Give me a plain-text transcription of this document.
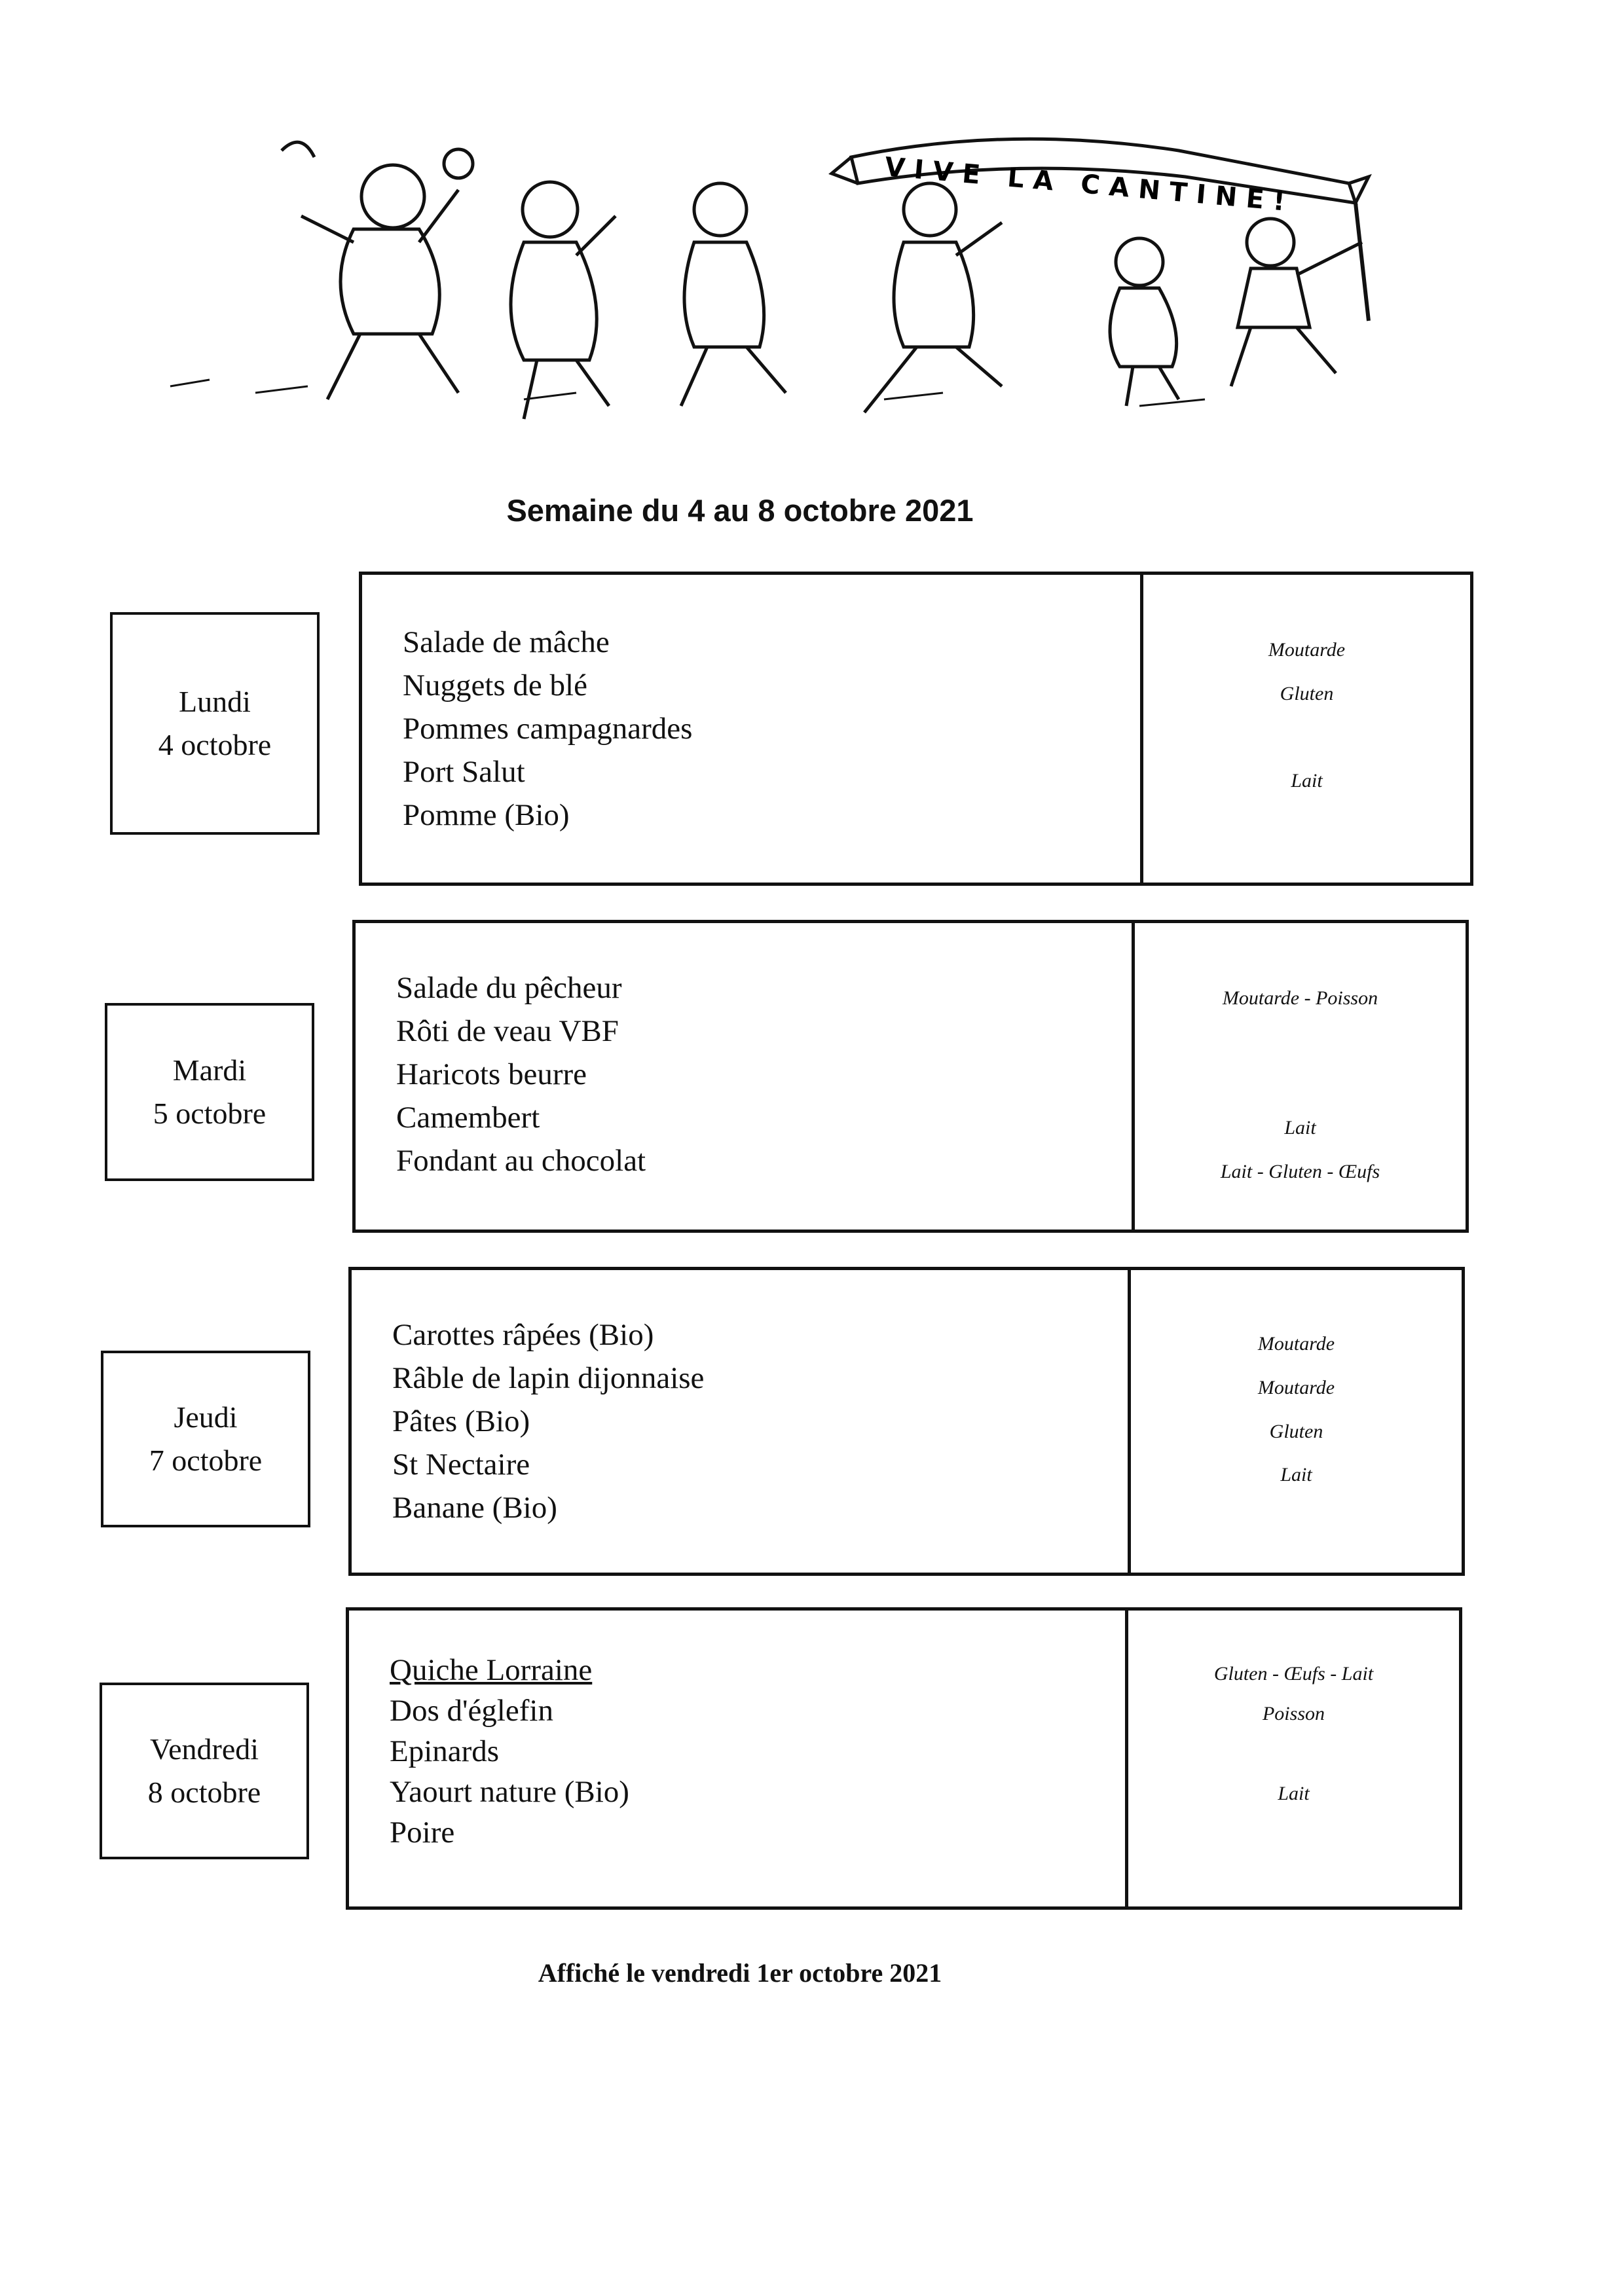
VIVE LA CANTINE!
Semaine du 4 au 8 octobre 2021
Lundi
4 octobre
Salade de mâche
Nuggets de blé
Pommes campagnardes
Port Salut
Pomme (Bio)
Moutarde
Gluten
Lait
Mardi
5 octobre
Salade du pêcheur
Rôti de veau VBF
Haricots beurre
Camembert
Fondant au chocolat
Moutarde - Poisson
Lait
Lait - Gluten - Œufs
Jeudi
7 octobre
Carottes râpées (Bio)
Râble de lapin dijonnaise
Pâtes (Bio)
St Nectaire
Banane (Bio)
Moutarde
Moutarde
Gluten
Lait
Vendredi
8 octobre
Quiche Lorraine
Dos d'églefin
Epinards
Yaourt nature (Bio)
Poire
Gluten - Œufs - Lait
Poisson
Lait
Affiché le vendredi 1er octobre 2021
